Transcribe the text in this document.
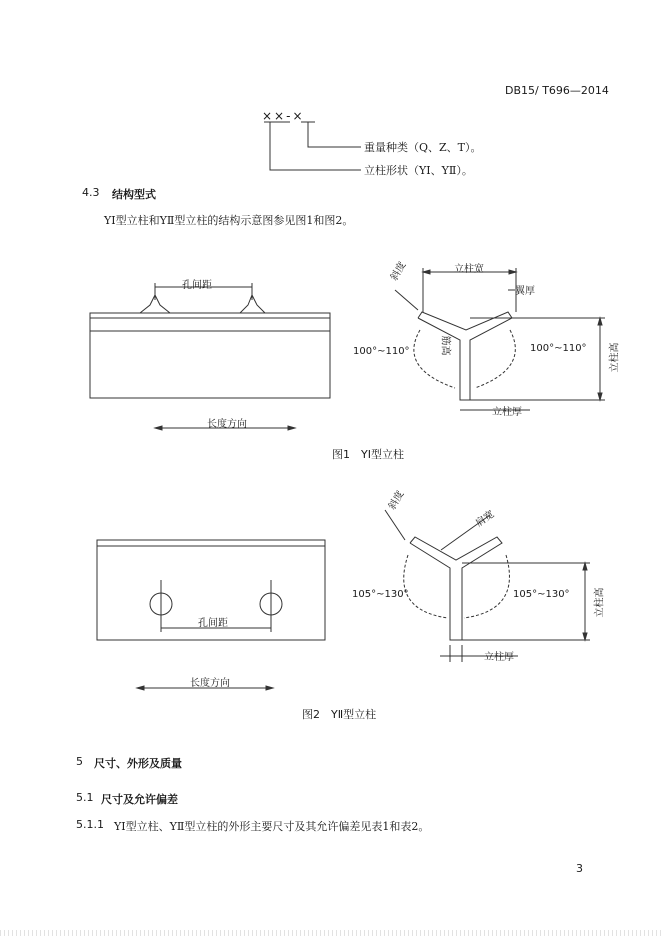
DB15/ T696—2014
××-×
重量种类（Q、Z、T）。
立柱形状（YⅠ、YⅡ）。
4.3 结构型式
YⅠ型立柱和YⅡ型立柱的结构示意图参见图1和图2。
孔间距
长度方向
立柱宽
翼厚
斜度
筋高
100°~110°	100°~110°	立柱高
立柱厚
图1　YⅠ型立柱
肩宽
斜度
105°~130°	105°~130°	立柱高
立柱厚
孔间距
长度方向
图2　YⅡ型立柱
5 尺寸、外形及质量
5.1 尺寸及允许偏差
5.1.1 YⅠ型立柱、YⅡ型立柱的外形主要尺寸及其允许偏差见表1和表2。
3
